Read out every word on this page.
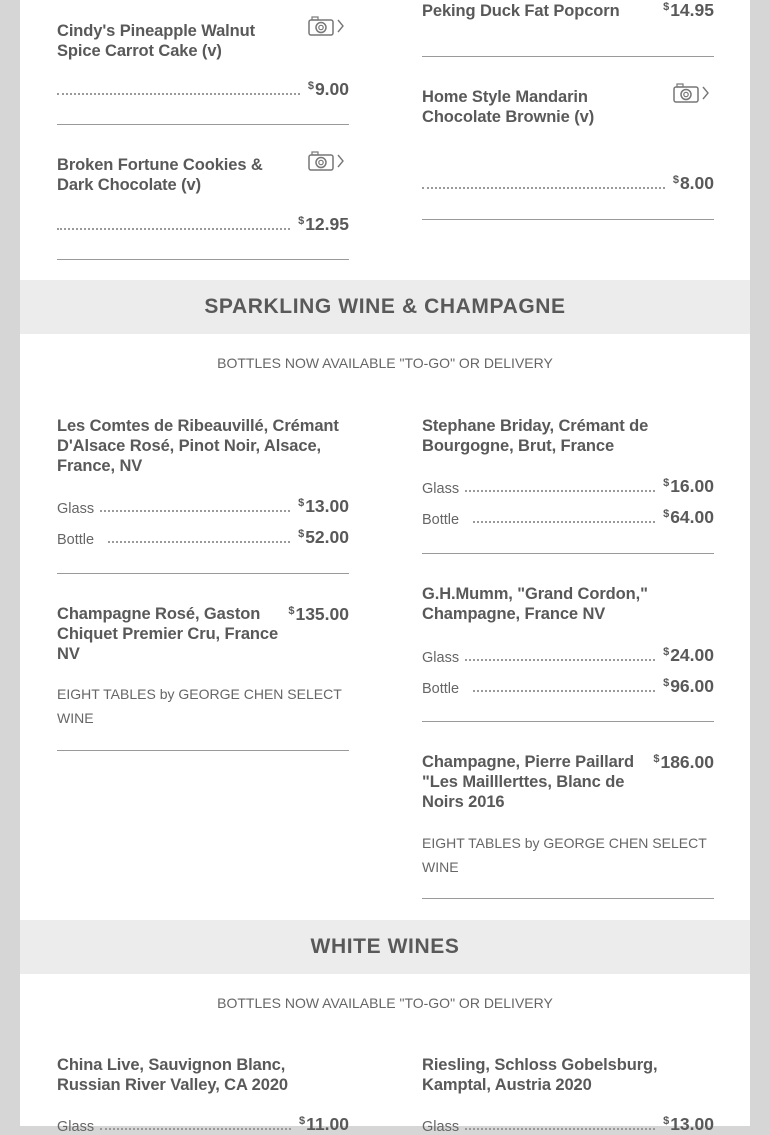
Cindy's Pineapple Walnut Spice Carrot Cake (v)
$9.00
Broken Fortune Cookies & Dark Chocolate (v)
$12.95
Peking Duck Fat Popcorn	$14.95
Home Style Mandarin Chocolate Brownie (v)
$8.00
SPARKLING WINE & CHAMPAGNE
BOTTLES NOW AVAILABLE "TO-GO" OR DELIVERY
Les Comtes de Ribeauvillé, Crémant D'Alsace Rosé, Pinot Noir, Alsace, France, NV
Glass	$13.00
Bottle	$52.00
Champagne Rosé, Gaston Chiquet Premier Cru, France NV
$135.00
EIGHT TABLES by GEORGE CHEN SELECT WINE
Stephane Briday, Crémant de Bourgogne, Brut, France
Glass	$16.00
Bottle	$64.00
G.H.Mumm, "Grand Cordon," Champagne, France NV
Glass	$24.00
Bottle	$96.00
Champagne, Pierre Paillard "Les Mailllerttes, Blanc de Noirs 2016
$186.00
EIGHT TABLES by GEORGE CHEN SELECT WINE
WHITE WINES
BOTTLES NOW AVAILABLE "TO-GO" OR DELIVERY
China Live, Sauvignon Blanc, Russian River Valley, CA 2020
Glass	$11.00
Riesling, Schloss Gobelsburg, Kamptal, Austria 2020
Glass	$13.00
